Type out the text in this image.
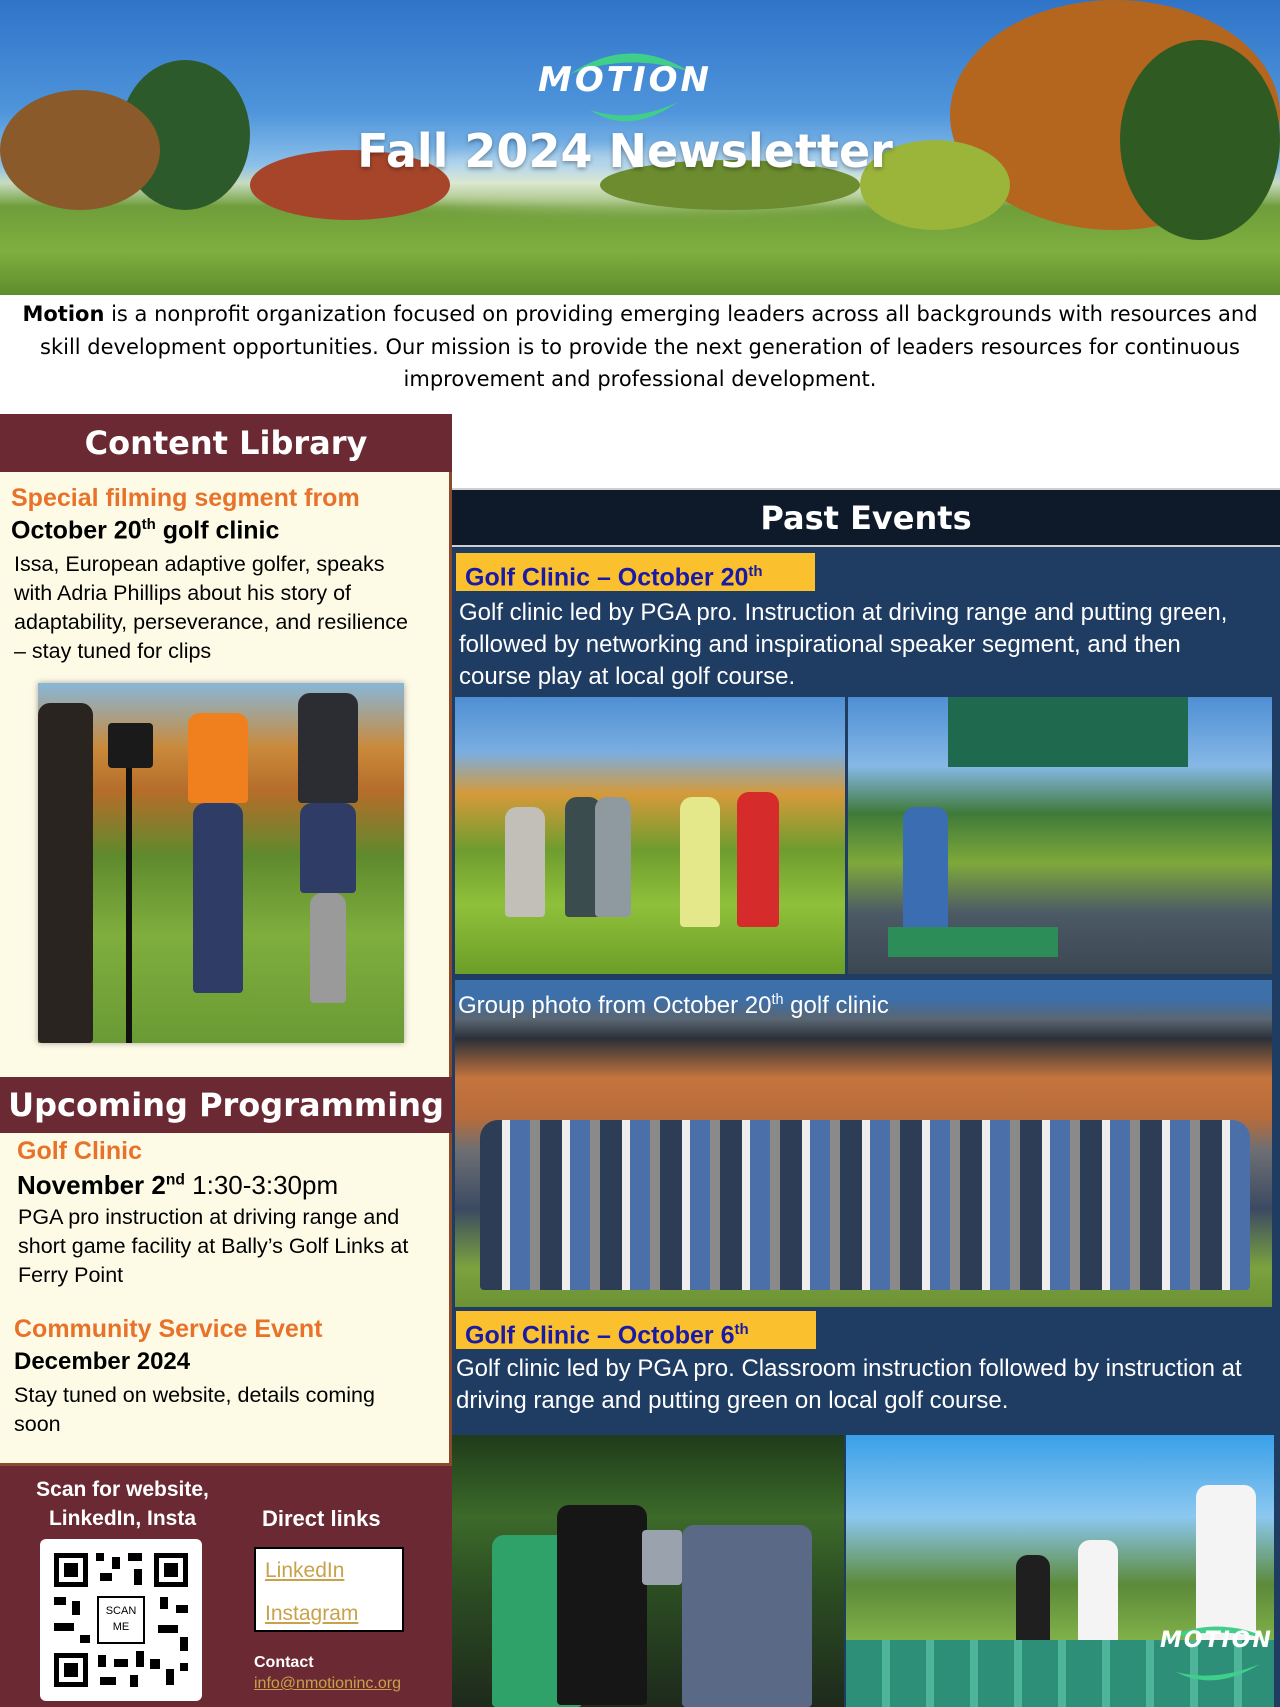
MOTION
Fall 2024 Newsletter
Motion is a nonprofit organization focused on providing emerging leaders across all backgrounds with resources and skill development opportunities. Our mission is to provide the next generation of leaders resources for continuous improvement and professional development.
Content Library
Special filming segment from
October 20th golf clinic
Issa, European adaptive golfer, speaks with Adria Phillips about his story of adaptability, perseverance, and resilience – stay tuned for clips
Upcoming Programming
Golf Clinic
November 2nd 1:30-3:30pm
PGA pro instruction at driving range and short game facility at Bally’s Golf Links at Ferry Point
Community Service Event
December 2024
Stay tuned on website, details coming soon
Scan for website, LinkedIn, Insta
SCAN ME
Direct links
LinkedIn
Instagram
Contact
info@nmotioninc.org
Past Events
Golf Clinic – October 20th
Golf clinic led by PGA pro. Instruction at driving range and putting green, followed by networking and inspirational speaker segment, and then course play at local golf course.
Group photo from October 20th golf clinic
Golf Clinic – October 6th
Golf clinic led by PGA pro. Classroom instruction followed by instruction at driving range and putting green on local golf course.
MOTION
